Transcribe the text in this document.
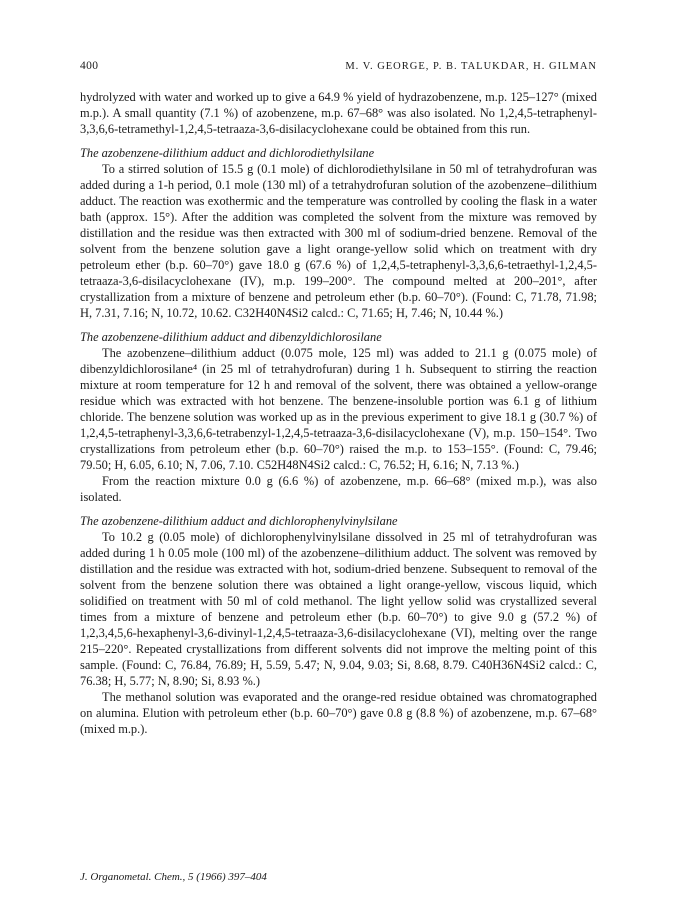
400	M. V. GEORGE, P. B. TALUKDAR, H. GILMAN

hydrolyzed with water and worked up to give a 64.9 % yield of hydrazobenzene, m.p. 125–127° (mixed m.p.). A small quantity (7.1 %) of azobenzene, m.p. 67–68° was also isolated. No 1,2,4,5-tetraphenyl-3,3,6,6-tetramethyl-1,2,4,5-tetraaza-3,6-disilacyclohexane could be obtained from this run.

The azobenzene-dilithium adduct and dichlorodiethylsilane

To a stirred solution of 15.5 g (0.1 mole) of dichlorodiethylsilane in 50 ml of tetrahydrofuran was added during a 1-h period, 0.1 mole (130 ml) of a tetrahydrofuran solution of the azobenzene–dilithium adduct. The reaction was exothermic and the temperature was controlled by cooling the flask in a water bath (approx. 15°). After the addition was completed the solvent from the mixture was removed by distillation and the residue was then extracted with 300 ml of sodium-dried benzene. Removal of the solvent from the benzene solution gave a light orange-yellow solid which on treatment with dry petroleum ether (b.p. 60–70°) gave 18.0 g (67.6 %) of 1,2,4,5-tetraphenyl-3,3,6,6-tetraethyl-1,2,4,5-tetraaza-3,6-disilacyclohexane (IV), m.p. 199–200°. The compound melted at 200–201°, after crystallization from a mixture of benzene and petroleum ether (b.p. 60–70°). (Found: C, 71.78, 71.98; H, 7.31, 7.16; N, 10.72, 10.62. C32H40N4Si2 calcd.: C, 71.65; H, 7.46; N, 10.44 %.)

The azobenzene-dilithium adduct and dibenzyldichlorosilane

The azobenzene–dilithium adduct (0.075 mole, 125 ml) was added to 21.1 g (0.075 mole) of dibenzyldichlorosilane⁴ (in 25 ml of tetrahydrofuran) during 1 h. Subsequent to stirring the reaction mixture at room temperature for 12 h and removal of the solvent, there was obtained a yellow-orange residue which was extracted with hot benzene. The benzene-insoluble portion was 6.1 g of lithium chloride. The benzene solution was worked up as in the previous experiment to give 18.1 g (30.7 %) of 1,2,4,5-tetraphenyl-3,3,6,6-tetrabenzyl-1,2,4,5-tetraaza-3,6-disilacyclohexane (V), m.p. 150–154°. Two crystallizations from petroleum ether (b.p. 60–70°) raised the m.p. to 153–155°. (Found: C, 79.46; 79.50; H, 6.05, 6.10; N, 7.06, 7.10. C52H48N4Si2 calcd.: C, 76.52; H, 6.16; N, 7.13 %.)

From the reaction mixture 0.0 g (6.6 %) of azobenzene, m.p. 66–68° (mixed m.p.), was also isolated.

The azobenzene-dilithium adduct and dichlorophenylvinylsilane

To 10.2 g (0.05 mole) of dichlorophenylvinylsilane dissolved in 25 ml of tetrahydrofuran was added during 1 h 0.05 mole (100 ml) of the azobenzene–dilithium adduct. The solvent was removed by distillation and the residue was extracted with hot, sodium-dried benzene. Subsequent to removal of the solvent from the benzene solution there was obtained a light orange-yellow, viscous liquid, which solidified on treatment with 50 ml of cold methanol. The light yellow solid was crystallized several times from a mixture of benzene and petroleum ether (b.p. 60–70°) to give 9.0 g (57.2 %) of 1,2,3,4,5,6-hexaphenyl-3,6-divinyl-1,2,4,5-tetraaza-3,6-disilacyclohexane (VI), melting over the range 215–220°. Repeated crystallizations from different solvents did not improve the melting point of this sample. (Found: C, 76.84, 76.89; H, 5.59, 5.47; N, 9.04, 9.03; Si, 8.68, 8.79. C40H36N4Si2 calcd.: C, 76.38; H, 5.77; N, 8.90; Si, 8.93 %.)

The methanol solution was evaporated and the orange-red residue obtained was chromatographed on alumina. Elution with petroleum ether (b.p. 60–70°) gave 0.8 g (8.8 %) of azobenzene, m.p. 67–68° (mixed m.p.).

J. Organometal. Chem., 5 (1966) 397–404
